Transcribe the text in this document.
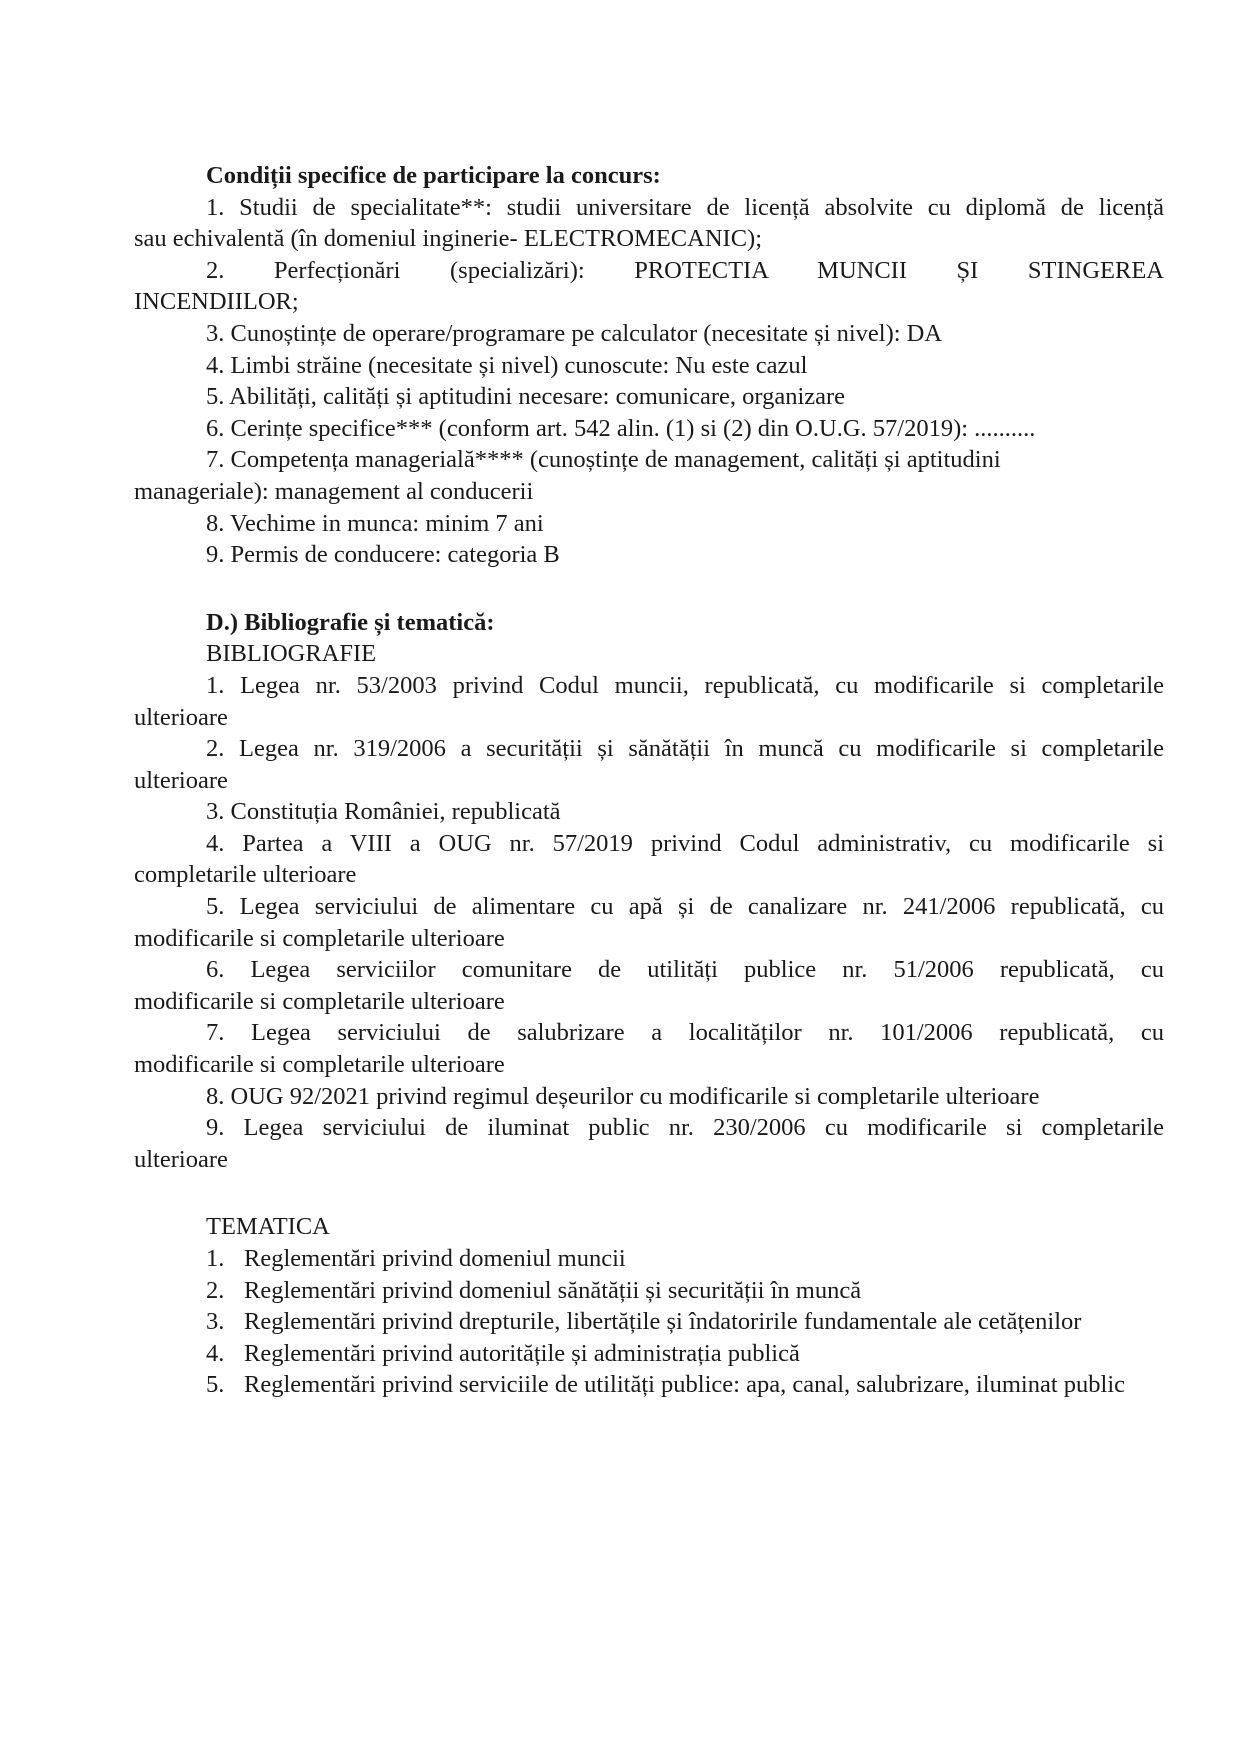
Condiții specifice de participare la concurs:

1. Studii de specialitate**: studii universitare de licență absolvite cu diplomă de licență

sau echivalentă (în domeniul inginerie- ELECTROMECANIC);

2. Perfecționări (specializări): PROTECTIA MUNCII ȘI STINGEREA

INCENDIILOR;

3. Cunoștințe de operare/programare pe calculator (necesitate și nivel): DA

4. Limbi străine (necesitate și nivel) cunoscute: Nu este cazul

5. Abilități, calități și aptitudini necesare: comunicare, organizare

6. Cerințe specifice*** (conform art. 542 alin. (1) si (2) din O.U.G. 57/2019): ..........

7. Competența managerială**** (cunoștințe de management, calități și aptitudini

manageriale): management al conducerii

8. Vechime in munca: minim 7 ani

9. Permis de conducere: categoria B

D.) Bibliografie și tematică:

BIBLIOGRAFIE

1. Legea nr. 53/2003 privind Codul muncii, republicată, cu modificarile si completarile

ulterioare

2. Legea nr. 319/2006 a securității și sănătății în muncă cu modificarile si completarile

ulterioare

3. Constituția României, republicată

4. Partea a VIII a OUG nr. 57/2019 privind Codul administrativ, cu modificarile si

completarile ulterioare

5. Legea serviciului de alimentare cu apă și de canalizare nr. 241/2006 republicată, cu

modificarile si completarile ulterioare

6. Legea serviciilor comunitare de utilități publice nr. 51/2006 republicată, cu

modificarile si completarile ulterioare

7. Legea serviciului de salubrizare a localităților nr. 101/2006 republicată, cu

modificarile si completarile ulterioare

8. OUG 92/2021 privind regimul deșeurilor cu modificarile si completarile ulterioare

9. Legea serviciului de iluminat public nr. 230/2006 cu modificarile si completarile

ulterioare

TEMATICA

1. Reglementări privind domeniul muncii
2. Reglementări privind domeniul sănătății și securității în muncă
3. Reglementări privind drepturile, libertățile și îndatoririle fundamentale ale cetățenilor
4. Reglementări privind autoritățile și administrația publică
5. Reglementări privind serviciile de utilități publice: apa, canal, salubrizare, iluminat public
